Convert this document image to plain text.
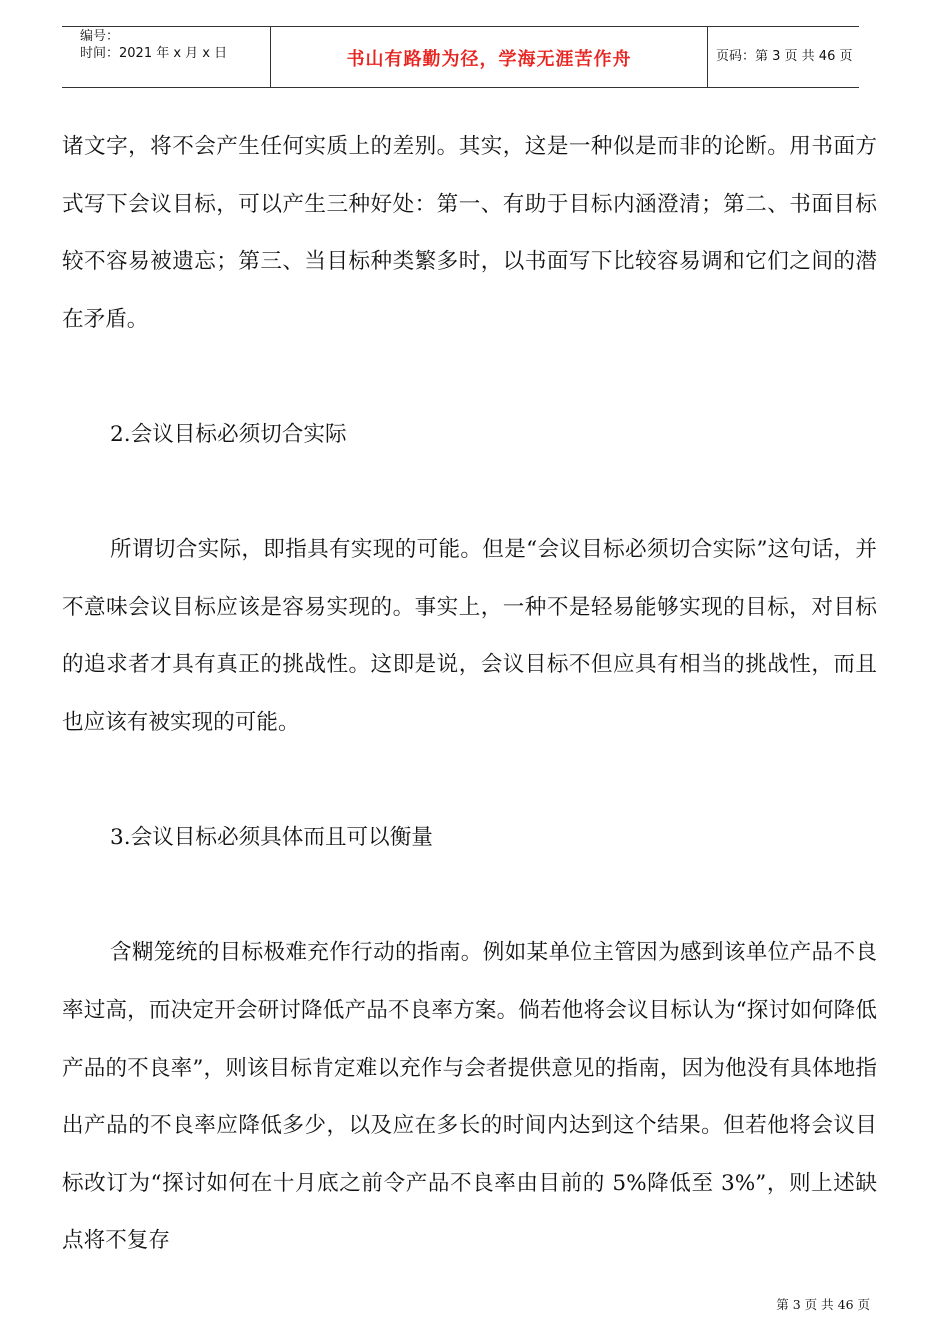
编号：
时间：2021 年 x 月 x 日	书山有路勤为径，学海无涯苦作舟	页码：第 3 页 共 46 页

诸文字，将不会产生任何实质上的差别。其实，这是一种似是而非的论断。用书面方式写下会议目标，可以产生三种好处：第一、有助于目标内涵澄清；第二、书面目标较不容易被遗忘；第三、当目标种类繁多时，以书面写下比较容易调和它们之间的潜在矛盾。

2.会议目标必须切合实际

所谓切合实际，即指具有实现的可能。但是“会议目标必须切合实际”这句话，并不意味会议目标应该是容易实现的。事实上，一种不是轻易能够实现的目标，对目标的追求者才具有真正的挑战性。这即是说，会议目标不但应具有相当的挑战性，而且也应该有被实现的可能。

3.会议目标必须具体而且可以衡量

含糊笼统的目标极难充作行动的指南。例如某单位主管因为感到该单位产品不良率过高，而决定开会研讨降低产品不良率方案。倘若他将会议目标认为“探讨如何降低产品的不良率”，则该目标肯定难以充作与会者提供意见的指南，因为他没有具体地指出产品的不良率应降低多少，以及应在多长的时间内达到这个结果。但若他将会议目标改订为“探讨如何在十月底之前令产品不良率由目前的 5%降低至 3%”，则上述缺点将不复存

第 3 页 共 46 页
